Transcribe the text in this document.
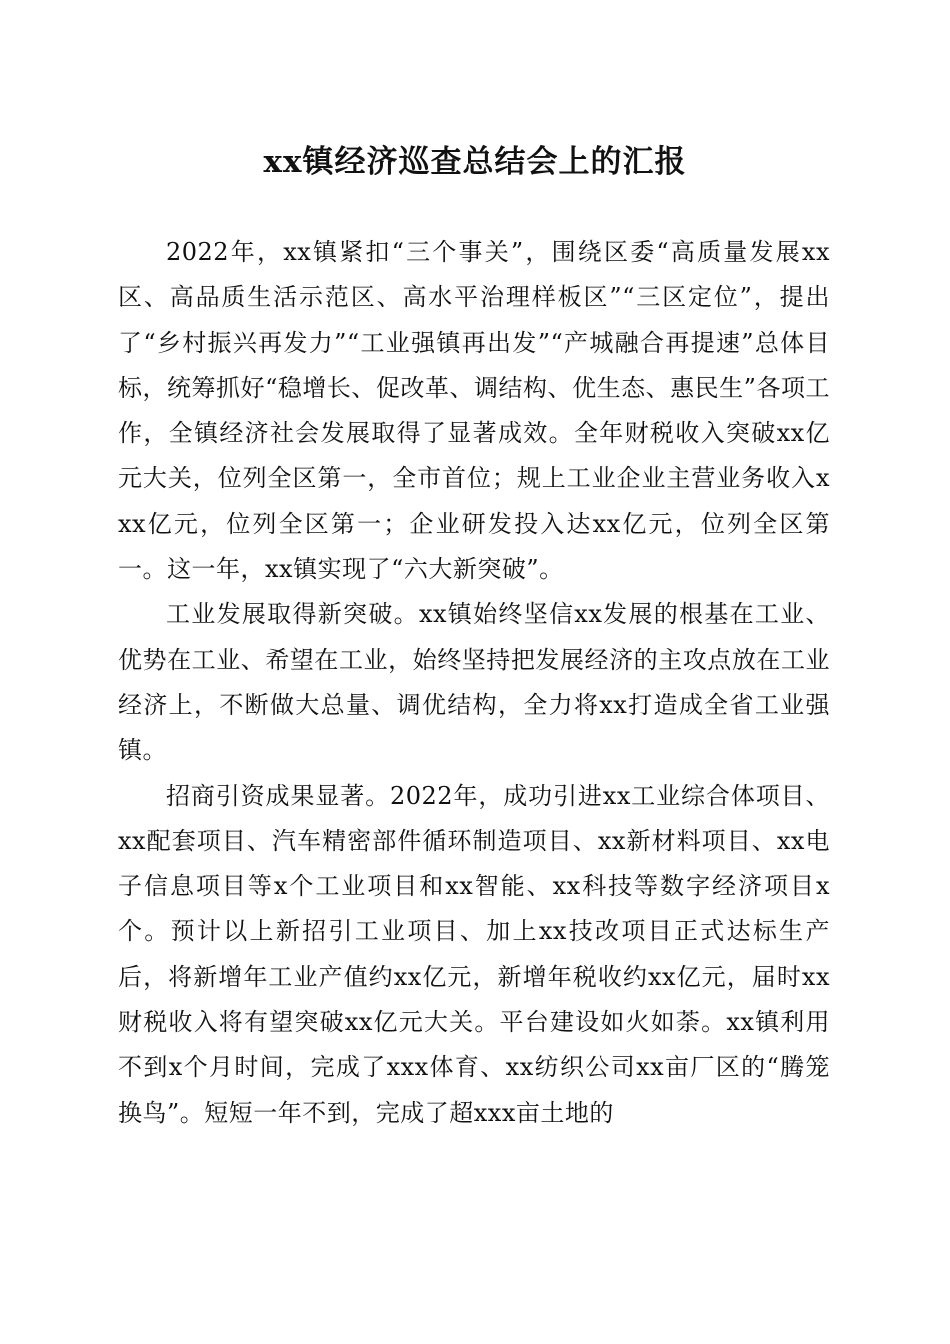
xx镇经济巡查总结会上的汇报

2022年，xx镇紧扣“三个事关”，围绕区委“高质量发展xx区、高品质生活示范区、高水平治理样板区”“三区定位”，提出了“乡村振兴再发力”“工业强镇再出发”“产城融合再提速”总体目标，统筹抓好“稳增长、促改革、调结构、优生态、惠民生”各项工作，全镇经济社会发展取得了显著成效。全年财税收入突破xx亿元大关，位列全区第一，全市首位；规上工业企业主营业务收入xxx亿元，位列全区第一；企业研发投入达xx亿元，位列全区第一。这一年，xx镇实现了“六大新突破”。

工业发展取得新突破。xx镇始终坚信xx发展的根基在工业、优势在工业、希望在工业，始终坚持把发展经济的主攻点放在工业经济上，不断做大总量、调优结构，全力将xx打造成全省工业强镇。

招商引资成果显著。2022年，成功引进xx工业综合体项目、xx配套项目、汽车精密部件循环制造项目、xx新材料项目、xx电子信息项目等x个工业项目和xx智能、xx科技等数字经济项目x个。预计以上新招引工业项目、加上xx技改项目正式达标生产后，将新增年工业产值约xx亿元，新增年税收约xx亿元，届时xx财税收入将有望突破xx亿元大关。平台建设如火如荼。xx镇利用不到x个月时间，完成了xxx体育、xx纺织公司xx亩厂区的“腾笼换鸟”。短短一年不到，完成了超xxx亩土地的
